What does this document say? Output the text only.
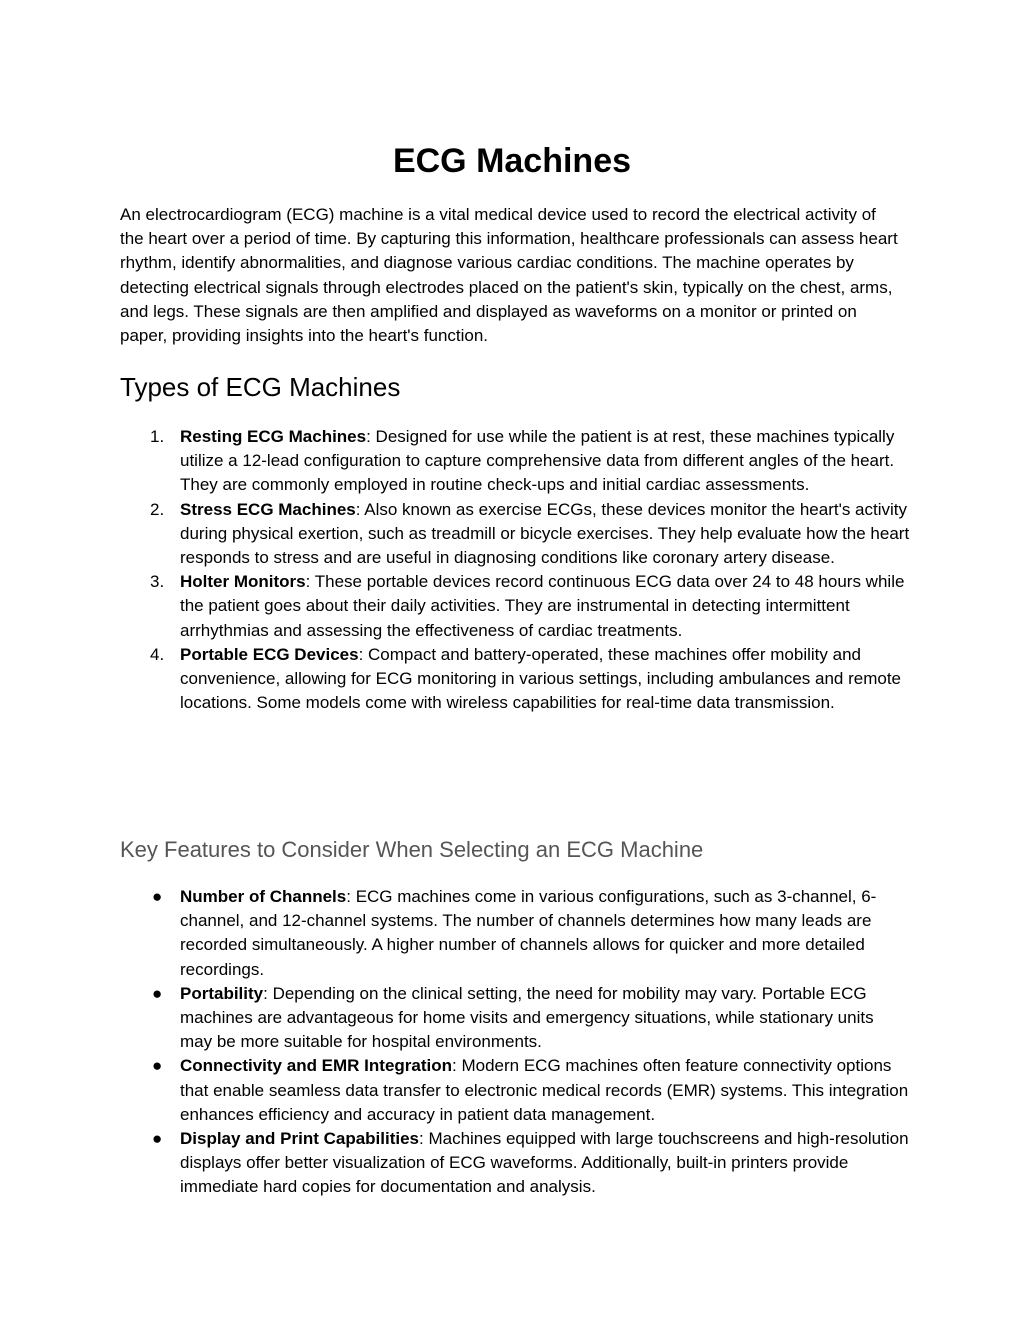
ECG Machines

An electrocardiogram (ECG) machine is a vital medical device used to record the electrical activity of the heart over a period of time. By capturing this information, healthcare professionals can assess heart rhythm, identify abnormalities, and diagnose various cardiac conditions. The machine operates by detecting electrical signals through electrodes placed on the patient's skin, typically on the chest, arms, and legs. These signals are then amplified and displayed as waveforms on a monitor or printed on paper, providing insights into the heart's function.

Types of ECG Machines
1. Resting ECG Machines: Designed for use while the patient is at rest, these machines typically utilize a 12-lead configuration to capture comprehensive data from different angles of the heart. They are commonly employed in routine check-ups and initial cardiac assessments.
2. Stress ECG Machines: Also known as exercise ECGs, these devices monitor the heart's activity during physical exertion, such as treadmill or bicycle exercises. They help evaluate how the heart responds to stress and are useful in diagnosing conditions like coronary artery disease.
3. Holter Monitors: These portable devices record continuous ECG data over 24 to 48 hours while the patient goes about their daily activities. They are instrumental in detecting intermittent arrhythmias and assessing the effectiveness of cardiac treatments.
4. Portable ECG Devices: Compact and battery-operated, these machines offer mobility and convenience, allowing for ECG monitoring in various settings, including ambulances and remote locations. Some models come with wireless capabilities for real-time data transmission.
Key Features to Consider When Selecting an ECG Machine
●	Number of Channels: ECG machines come in various configurations, such as 3-channel, 6-channel, and 12-channel systems. The number of channels determines how many leads are recorded simultaneously. A higher number of channels allows for quicker and more detailed recordings.
●	Portability: Depending on the clinical setting, the need for mobility may vary. Portable ECG machines are advantageous for home visits and emergency situations, while stationary units may be more suitable for hospital environments.
●	Connectivity and EMR Integration: Modern ECG machines often feature connectivity options that enable seamless data transfer to electronic medical records (EMR) systems. This integration enhances efficiency and accuracy in patient data management.
●	Display and Print Capabilities: Machines equipped with large touchscreens and high-resolution displays offer better visualization of ECG waveforms. Additionally, built-in printers provide immediate hard copies for documentation and analysis.
